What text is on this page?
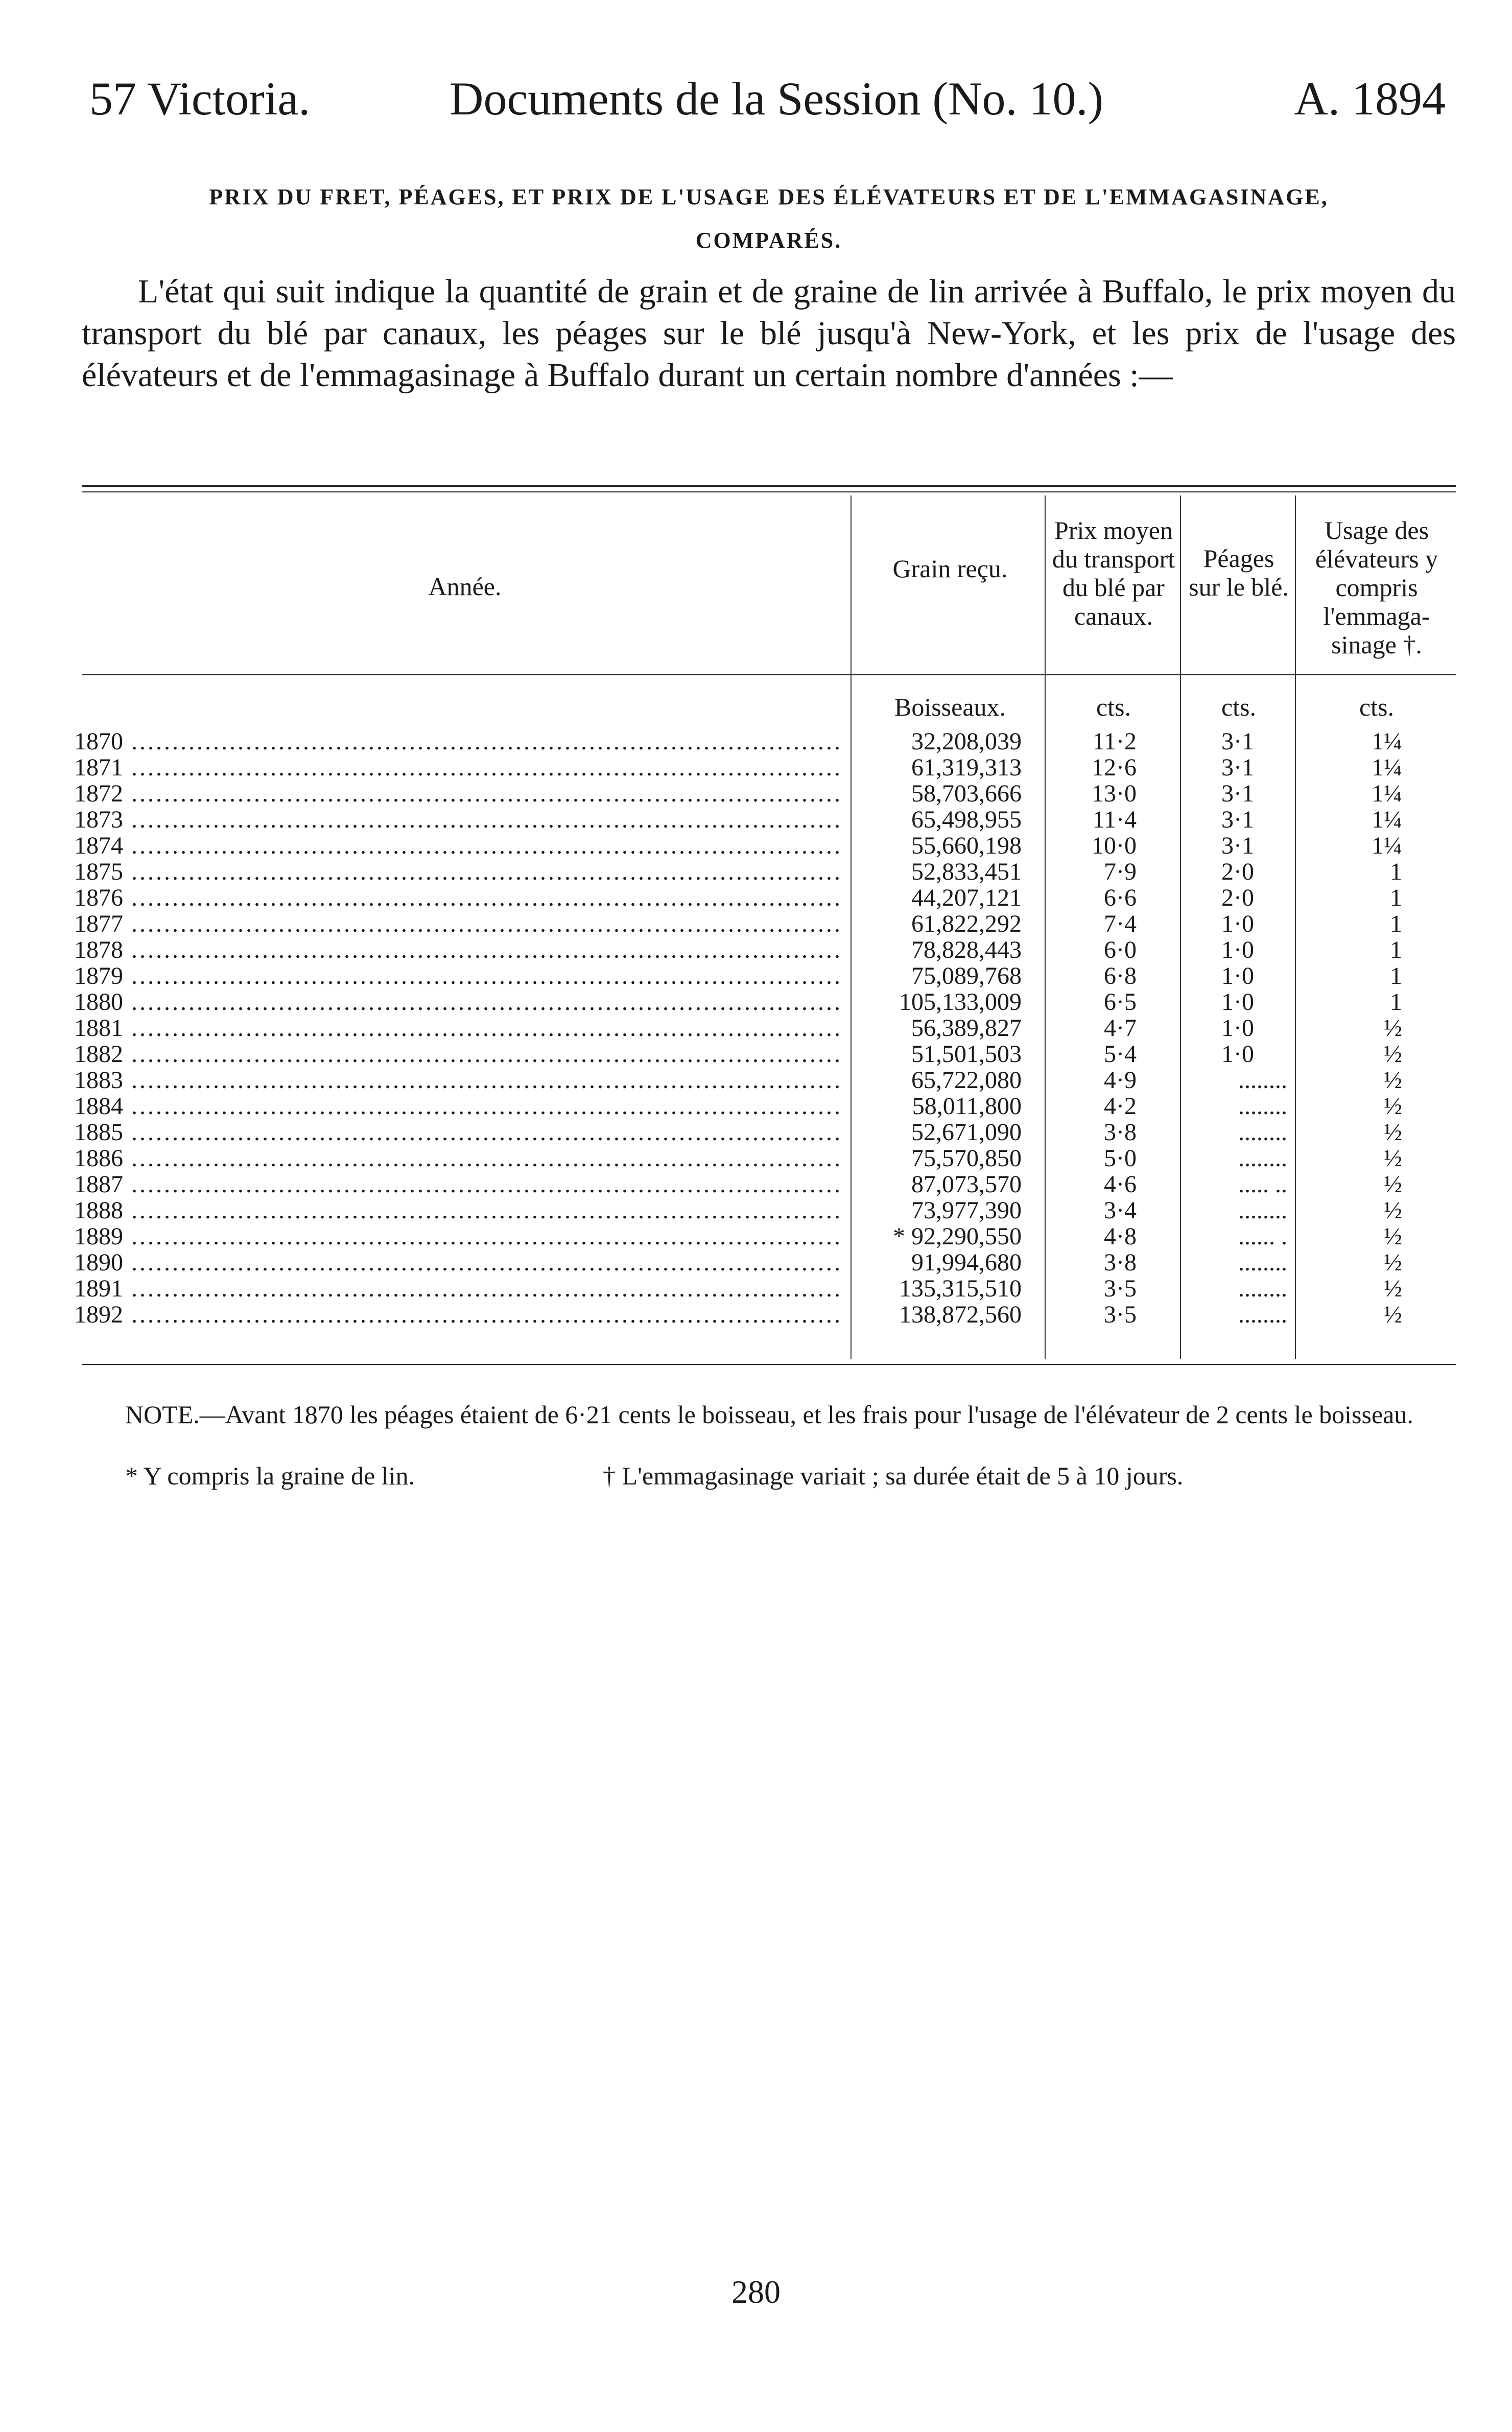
57 Victoria.	Documents de la Session (No. 10.)	A. 1894
PRIX DU FRET, PÉAGES, ET PRIX DE L'USAGE DES ÉLÉVATEURS ET DE L'EMMAGASINAGE,
COMPARÉS.
L'état qui suit indique la quantité de grain et de graine de lin arrivée à Buffalo, le prix moyen du transport du blé par canaux, les péages sur le blé jusqu'à New-York, et les prix de l'usage des élévateurs et de l'emmagasinage à Buffalo durant un certain nombre d'années :—
Année.
Grain reçu.
Prix moyen du transport du blé par canaux.
Péages sur le blé.
Usage des élévateurs y compris l'emmaga-sinage †.
Boisseaux.	cts.	cts.	cts.
1870 .....	32,208,039	11·2	3·1	1¼
1871 .....	61,319,313	12·6	3·1	1¼
1872 .....	58,703,666	13·0	3·1	1¼
1873 .....	65,498,955	11·4	3·1	1¼
1874 .....	55,660,198	10·0	3·1	1¼
1875 .....	52,833,451	7·9	2·0	1
1876 .....	44,207,121	6·6	2·0	1
1877 .....	61,822,292	7·4	1·0	1
1878 .....	78,828,443	6·0	1·0	1
1879 .....	75,089,768	6·8	1·0	1
1880 .....	105,133,009	6·5	1·0	1
1881 .....	56,389,827	4·7	1·0	½
1882 .....	51,501,503	5·4	1·0	½
1883 .....	65,722,080	4·9	........	½
1884 .....	58,011,800	4·2	........	½
1885 .....	52,671,090	3·8	........	½
1886 .....	75,570,850	5·0	........	½
1887 .....	87,073,570	4·6	..... ..	½
1888 .....	73,977,390	3·4	........	½
1889 .....	* 92,290,550	4·8	...... .	½
1890 .....	91,994,680	3·8	........	½
1891 .....	135,315,510	3·5	........	½
1892 .....	138,872,560	3·5	........	½
NOTE.—Avant 1870 les péages étaient de 6·21 cents le boisseau, et les frais pour l'usage de l'élévateur de 2 cents le boisseau.
* Y compris la graine de lin.	† L'emmagasinage variait ; sa durée était de 5 à 10 jours.
280
